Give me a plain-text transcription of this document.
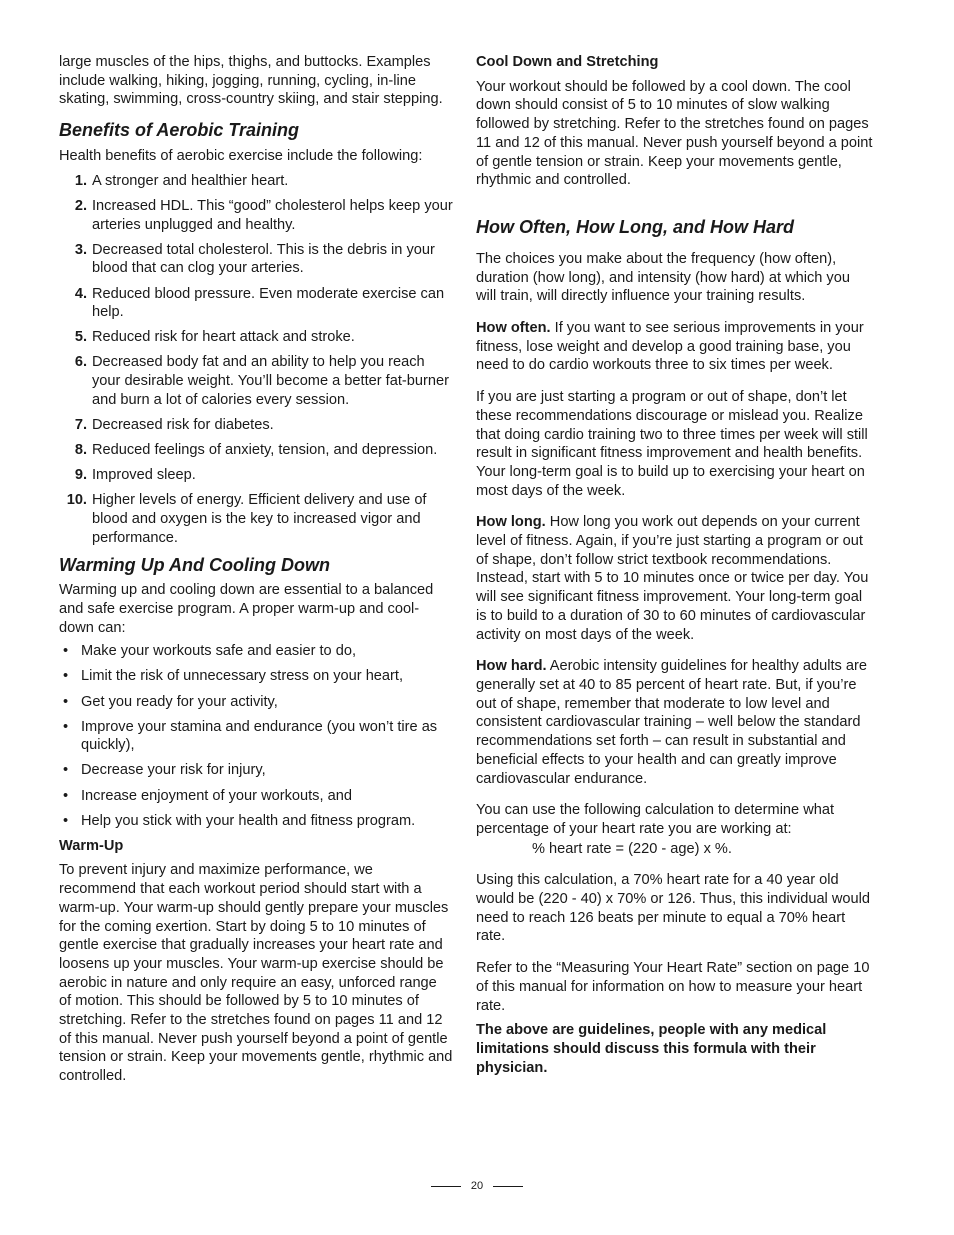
large muscles of the hips, thighs, and buttocks. Examples include walking, hiking, jogging, running, cycling, in-line skating, swimming, cross-country skiing, and stair stepping.

Benefits of Aerobic Training

Health benefits of aerobic exercise include the following:

1. A stronger and healthier heart.
2. Increased HDL. This “good” cholesterol helps keep your arteries unplugged and healthy.
3. Decreased total cholesterol. This is the debris in your blood that can clog your arteries.
4. Reduced blood pressure. Even moderate exercise can help.
5. Reduced risk for heart attack and stroke.
6. Decreased body fat and an ability to help you reach your desirable weight. You’ll become a better fat-burner and burn a lot of calories every session.
7. Decreased risk for diabetes.
8. Reduced feelings of anxiety, tension, and depression.
9. Improved sleep.
10. Higher levels of energy. Efficient delivery and use of blood and oxygen is the key to increased vigor and performance.
Warming Up And Cooling Down

Warming up and cooling down are essential to a balanced and safe exercise program. A proper warm-up and cool-down can:

• Make your workouts safe and easier to do,
• Limit the risk of unnecessary stress on your heart,
• Get you ready for your activity,
• Improve your stamina and endurance (you won’t tire as quickly),
• Decrease your risk for injury,
• Increase enjoyment of your workouts, and
• Help you stick with your health and fitness program.
Warm-Up

To prevent injury and maximize performance, we recommend that each workout period should start with a warm-up. Your warm-up should gently prepare your muscles for the coming exertion. Start by doing 5 to 10 minutes of gentle exercise that gradually increases your heart rate and loosens up your muscles. Your warm-up exercise should be aerobic in nature and only require an easy, unforced range of motion. This should be followed by 5 to 10 minutes of stretching. Refer to the stretches found on pages 11 and 12 of this manual. Never push yourself beyond a point of gentle tension or strain. Keep your movements gentle, rhythmic and controlled.

Cool Down and Stretching

Your workout should be followed by a cool down. The cool down should consist of 5 to 10 minutes of slow walking followed by stretching. Refer to the stretches found on pages 11 and 12 of this manual. Never push yourself beyond a point of gentle tension or strain. Keep your movements gentle, rhythmic and controlled.

How Often, How Long, and How Hard

The choices you make about the frequency (how often), duration (how long), and intensity (how hard) at which you will train, will directly influence your training results.

How often. If you want to see serious improvements in your fitness, lose weight and develop a good training base, you need to do cardio workouts three to six times per week.

If you are just starting a program or out of shape, don’t let these recommendations discourage or mislead you. Realize that doing cardio training two to three times per week will still result in significant fitness improvement and health benefits. Your long-term goal is to build up to exercising your heart on most days of the week.

How long. How long you work out depends on your current level of fitness. Again, if you’re just starting a program or out of shape, don’t follow strict textbook recommendations. Instead, start with 5 to 10 minutes once or twice per day. You will see significant fitness improvement. Your long-term goal is to build to a duration of 30 to 60 minutes of cardiovascular activity on most days of the week.

How hard. Aerobic intensity guidelines for healthy adults are generally set at 40 to 85 percent of heart rate. But, if you’re out of shape, remember that moderate to low level and consistent cardiovascular training – well below the standard recommendations set forth – can result in substantial and beneficial effects to your health and can greatly improve cardiovascular endurance.

You can use the following calculation to determine what percentage of your heart rate you are working at:

% heart rate = (220 - age) x %.

Using this calculation, a 70% heart rate for a 40 year old would be (220 - 40) x 70% or 126. Thus, this individual would need to reach 126 beats per minute to equal a 70% heart rate.

Refer to the “Measuring Your Heart Rate” section on page 10 of this manual for information on how to measure your heart rate.

The above are guidelines, people with any medical limitations should discuss this formula with their physician.

20
